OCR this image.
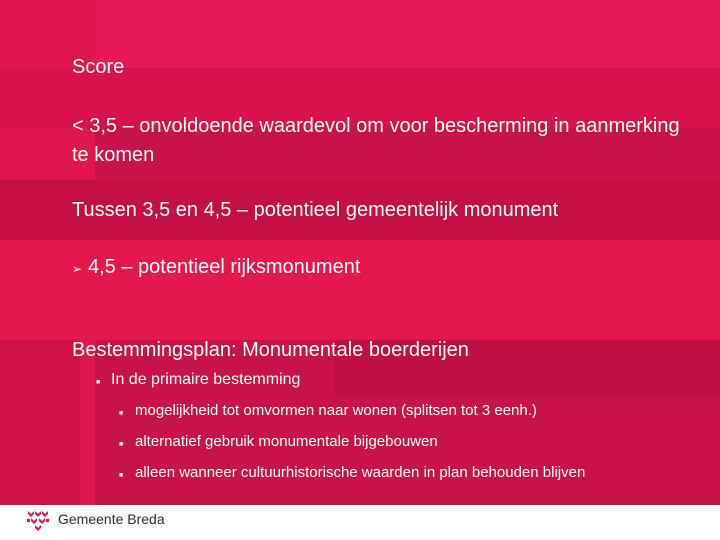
Score
< 3,5 – onvoldoende waardevol om voor bescherming in aanmerking te komen
Tussen 3,5 en 4,5 – potentieel gemeentelijk monument
➢ 4,5 – potentieel rijksmonument
Bestemmingsplan: Monumentale boerderijen
■ In de primaire bestemming
■ mogelijkheid tot omvormen naar wonen (splitsen tot 3 eenh.)
■ alternatief gebruik monumentale bijgebouwen
■ alleen wanneer cultuurhistorische waarden in plan behouden blijven
Gemeente Breda
